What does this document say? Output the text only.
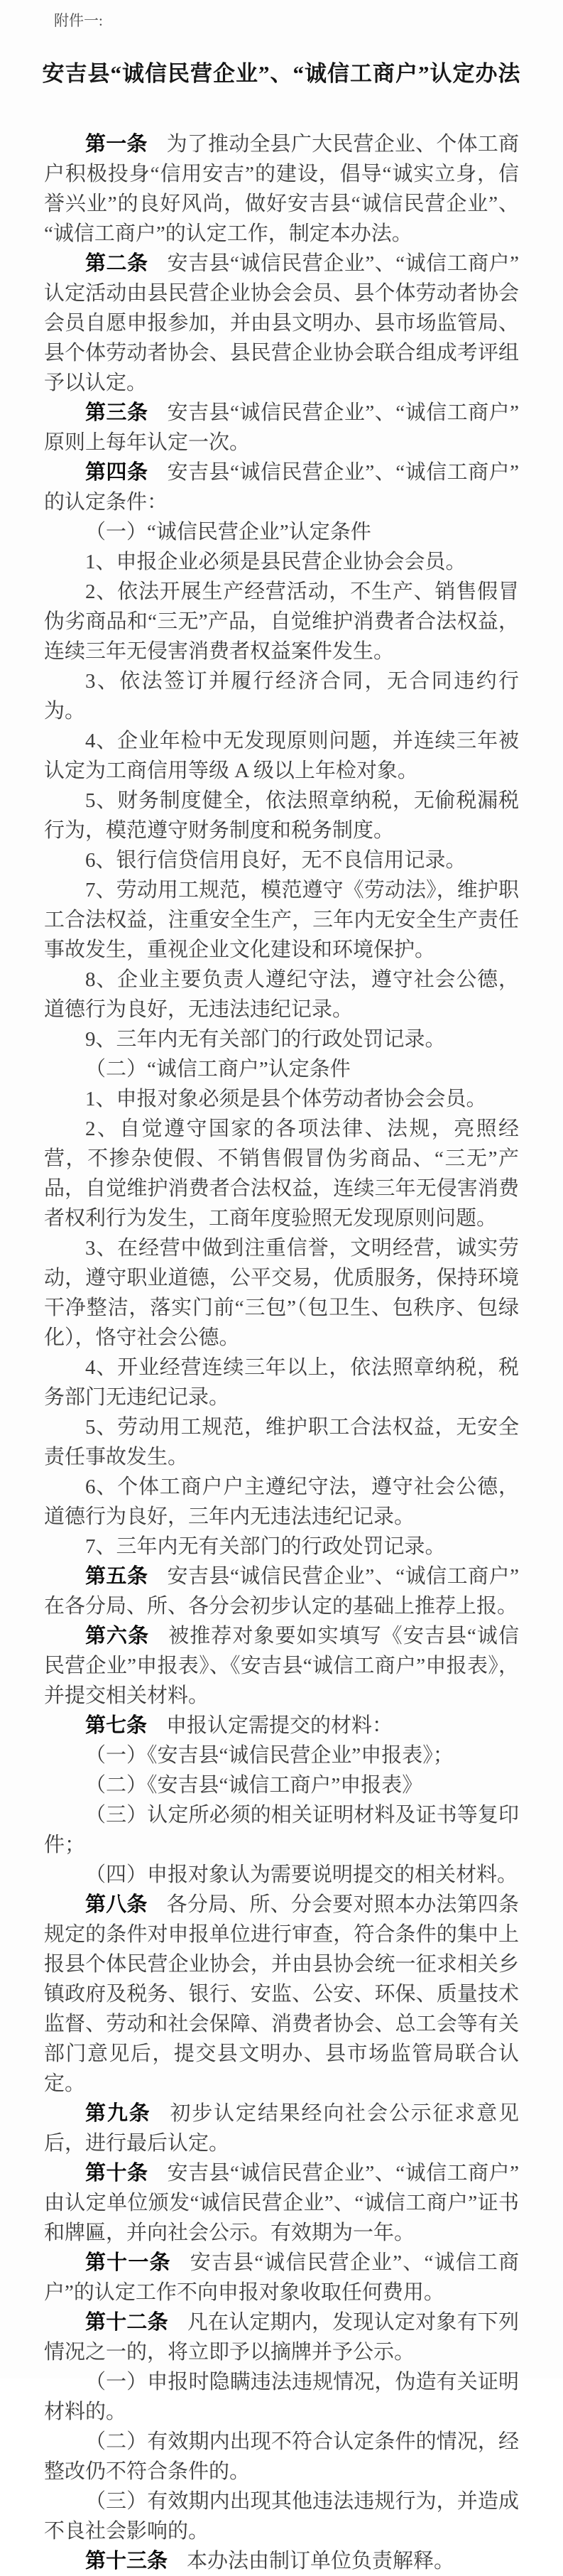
附件一:
安吉县“诚信民营企业”、“诚信工商户”认定办法

第一条 为了推动全县广大民营企业、个体工商户积极投身“信用安吉”的建设，倡导“诚实立身，信誉兴业”的良好风尚，做好安吉县“诚信民营企业”、“诚信工商户”的认定工作，制定本办法。

第二条 安吉县“诚信民营企业”、“诚信工商户”认定活动由县民营企业协会会员、县个体劳动者协会会员自愿申报参加，并由县文明办、县市场监管局、县个体劳动者协会、县民营企业协会联合组成考评组予以认定。

第三条 安吉县“诚信民营企业”、“诚信工商户”原则上每年认定一次。

第四条 安吉县“诚信民营企业”、“诚信工商户”的认定条件：

（一）“诚信民营企业”认定条件

1、申报企业必须是县民营企业协会会员。

2、依法开展生产经营活动，不生产、销售假冒伪劣商品和“三无”产品，自觉维护消费者合法权益，连续三年无侵害消费者权益案件发生。

3、依法签订并履行经济合同，无合同违约行为。

4、企业年检中无发现原则问题，并连续三年被认定为工商信用等级 A 级以上年检对象。

5、财务制度健全，依法照章纳税，无偷税漏税行为，模范遵守财务制度和税务制度。

6、银行信贷信用良好，无不良信用记录。

7、劳动用工规范，模范遵守《劳动法》，维护职工合法权益，注重安全生产，三年内无安全生产责任事故发生，重视企业文化建设和环境保护。

8、企业主要负责人遵纪守法，遵守社会公德，道德行为良好，无违法违纪记录。

9、三年内无有关部门的行政处罚记录。

（二）“诚信工商户”认定条件

1、申报对象必须是县个体劳动者协会会员。

2、自觉遵守国家的各项法律、法规，亮照经营，不掺杂使假、不销售假冒伪劣商品、“三无”产品，自觉维护消费者合法权益，连续三年无侵害消费者权利行为发生，工商年度验照无发现原则问题。

3、在经营中做到注重信誉，文明经营，诚实劳动，遵守职业道德，公平交易，优质服务，保持环境干净整洁，落实门前“三包”（包卫生、包秩序、包绿化），恪守社会公德。

4、开业经营连续三年以上，依法照章纳税，税务部门无违纪记录。

5、劳动用工规范，维护职工合法权益，无安全责任事故发生。

6、个体工商户户主遵纪守法，遵守社会公德，道德行为良好，三年内无违法违纪记录。

7、三年内无有关部门的行政处罚记录。

第五条 安吉县“诚信民营企业”、“诚信工商户”在各分局、所、各分会初步认定的基础上推荐上报。

第六条 被推荐对象要如实填写《安吉县“诚信民营企业”申报表》、《安吉县“诚信工商户”申报表》，并提交相关材料。

第七条 申报认定需提交的材料：

（一）《安吉县“诚信民营企业”申报表》；

（二）《安吉县“诚信工商户”申报表》

（三）认定所必须的相关证明材料及证书等复印件；

（四）申报对象认为需要说明提交的相关材料。

第八条 各分局、所、分会要对照本办法第四条规定的条件对申报单位进行审查，符合条件的集中上报县个体民营企业协会，并由县协会统一征求相关乡镇政府及税务、银行、安监、公安、环保、质量技术监督、劳动和社会保障、消费者协会、总工会等有关部门意见后，提交县文明办、县市场监管局联合认定。

第九条 初步认定结果经向社会公示征求意见后，进行最后认定。

第十条 安吉县“诚信民营企业”、“诚信工商户”由认定单位颁发“诚信民营企业”、“诚信工商户”证书和牌匾，并向社会公示。有效期为一年。

第十一条 安吉县“诚信民营企业”、“诚信工商户”的认定工作不向申报对象收取任何费用。

第十二条 凡在认定期内，发现认定对象有下列情况之一的，将立即予以摘牌并予公示。

（一）申报时隐瞒违法违规情况，伪造有关证明材料的。

（二）有效期内出现不符合认定条件的情况，经整改仍不符合条件的。

（三）有效期内出现其他违法违规行为，并造成不良社会影响的。

第十三条 本办法由制订单位负责解释。
